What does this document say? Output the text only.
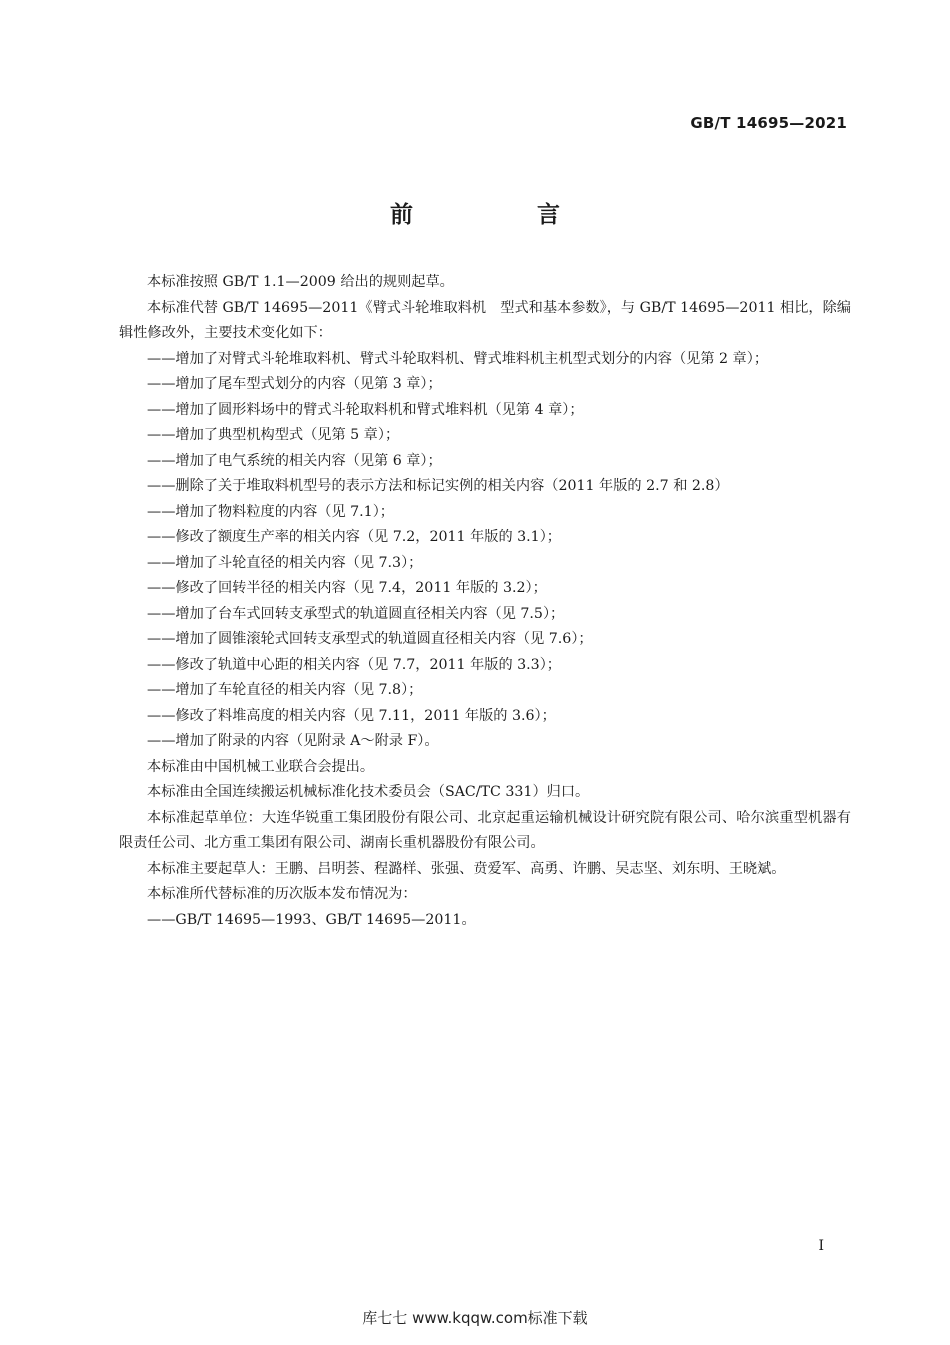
GB/T 14695—2021
前 言

本标准按照 GB/T 1.1—2009 给出的规则起草。

本标准代替 GB/T 14695—2011《臂式斗轮堆取料机　型式和基本参数》，与 GB/T 14695—2011 相比，除编辑性修改外，主要技术变化如下：

——增加了对臂式斗轮堆取料机、臂式斗轮取料机、臂式堆料机主机型式划分的内容（见第 2 章）；

——增加了尾车型式划分的内容（见第 3 章）；

——增加了圆形料场中的臂式斗轮取料机和臂式堆料机（见第 4 章）；

——增加了典型机构型式（见第 5 章）；

——增加了电气系统的相关内容（见第 6 章）；

——删除了关于堆取料机型号的表示方法和标记实例的相关内容（2011 年版的 2.7 和 2.8）

——增加了物料粒度的内容（见 7.1）；

——修改了额度生产率的相关内容（见 7.2，2011 年版的 3.1）；

——增加了斗轮直径的相关内容（见 7.3）；

——修改了回转半径的相关内容（见 7.4，2011 年版的 3.2）；

——增加了台车式回转支承型式的轨道圆直径相关内容（见 7.5）；

——增加了圆锥滚轮式回转支承型式的轨道圆直径相关内容（见 7.6）；

——修改了轨道中心距的相关内容（见 7.7，2011 年版的 3.3）；

——增加了车轮直径的相关内容（见 7.8）；

——修改了料堆高度的相关内容（见 7.11，2011 年版的 3.6）；

——增加了附录的内容（见附录 A～附录 F）。

本标准由中国机械工业联合会提出。

本标准由全国连续搬运机械标准化技术委员会（SAC/TC 331）归口。

本标准起草单位：大连华锐重工集团股份有限公司、北京起重运输机械设计研究院有限公司、哈尔滨重型机器有限责任公司、北方重工集团有限公司、湖南长重机器股份有限公司。

本标准主要起草人：王鹏、吕明荟、程潞样、张强、贲爱军、高勇、许鹏、吴志坚、刘东明、王晓斌。

本标准所代替标准的历次版本发布情况为：

——GB/T 14695—1993、GB/T 14695—2011。

I
库七七 www.kqqw.com标准下载
